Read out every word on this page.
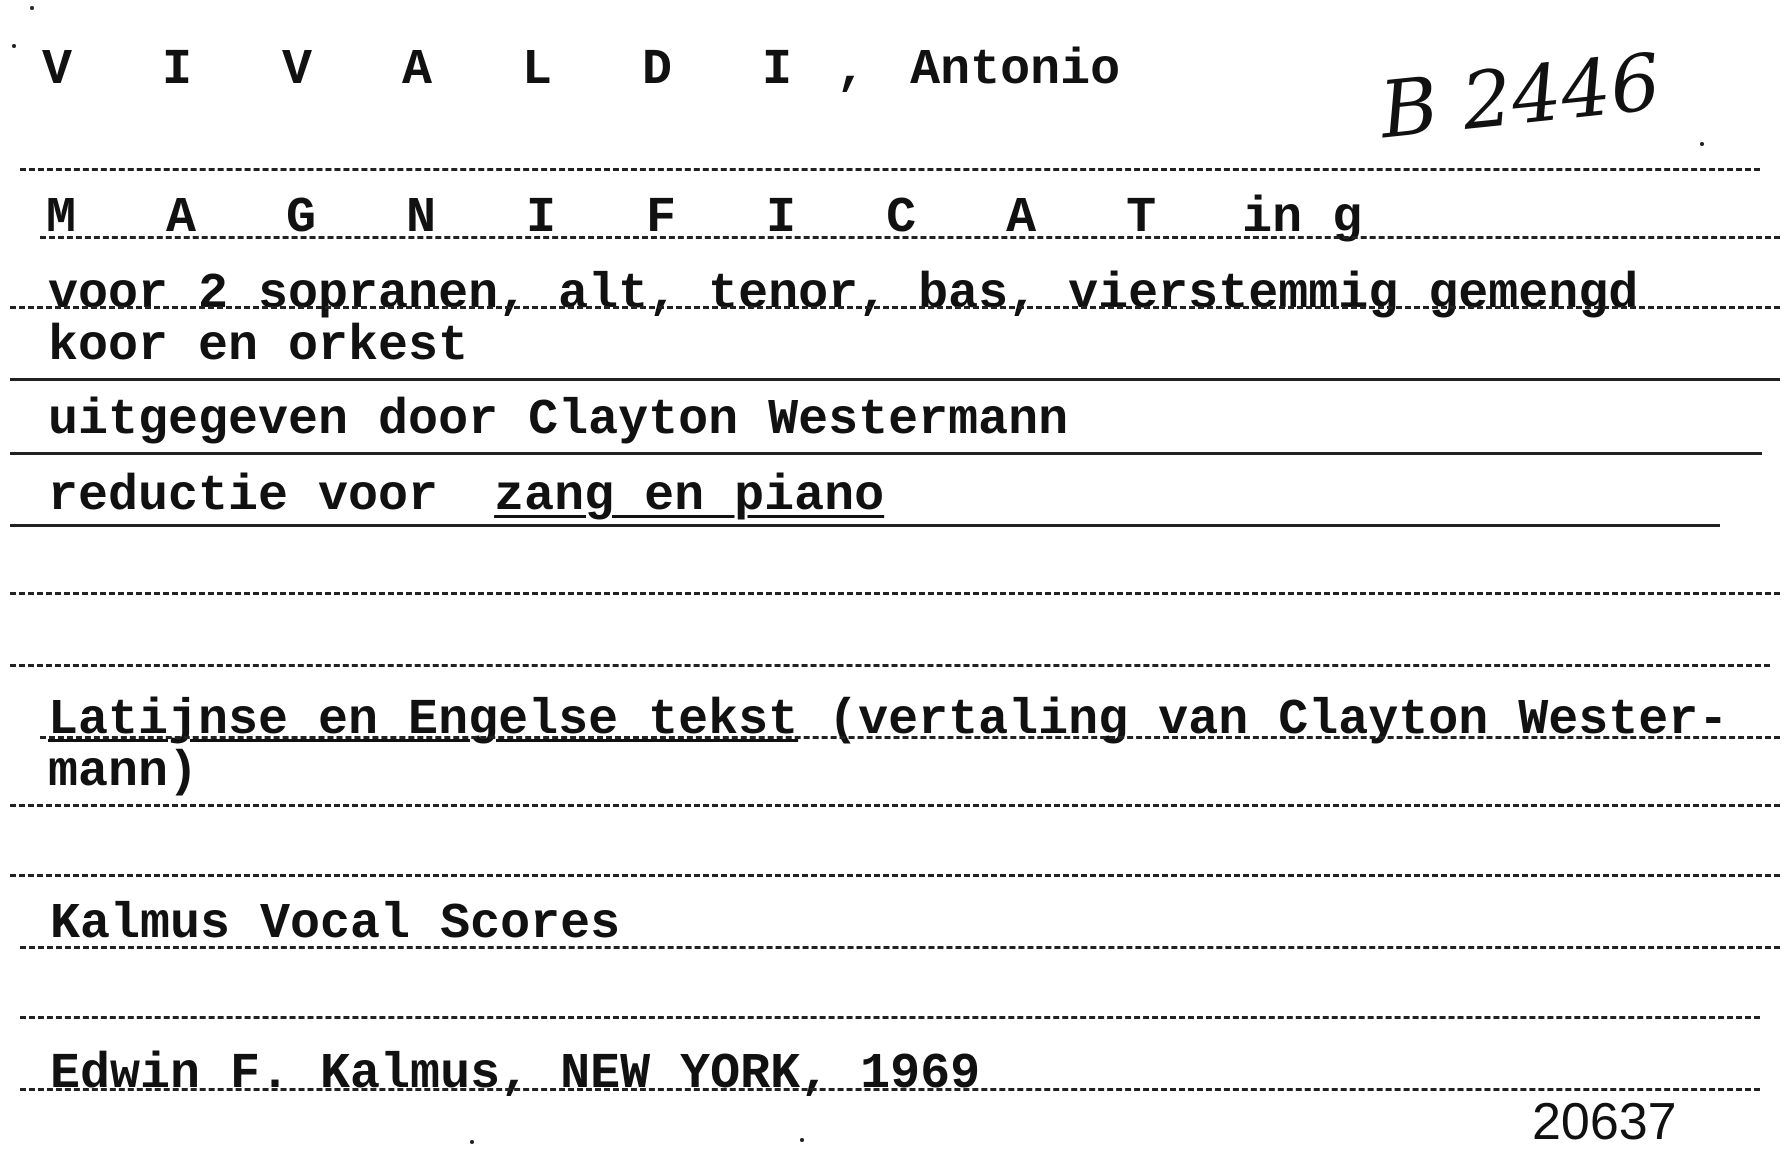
V I V A L D I , Antonio	B 2446
M A G N I F I C A T in g
voor 2 sopranen, alt, tenor, bas, vierstemmig gemengd
koor en orkest
uitgegeven door Clayton Westermann
reductie voor zang en piano
Latijnse en Engelse tekst (vertaling van Clayton Wester-
mann)
Kalmus Vocal Scores
Edwin F. Kalmus, NEW YORK, 1969
20637
